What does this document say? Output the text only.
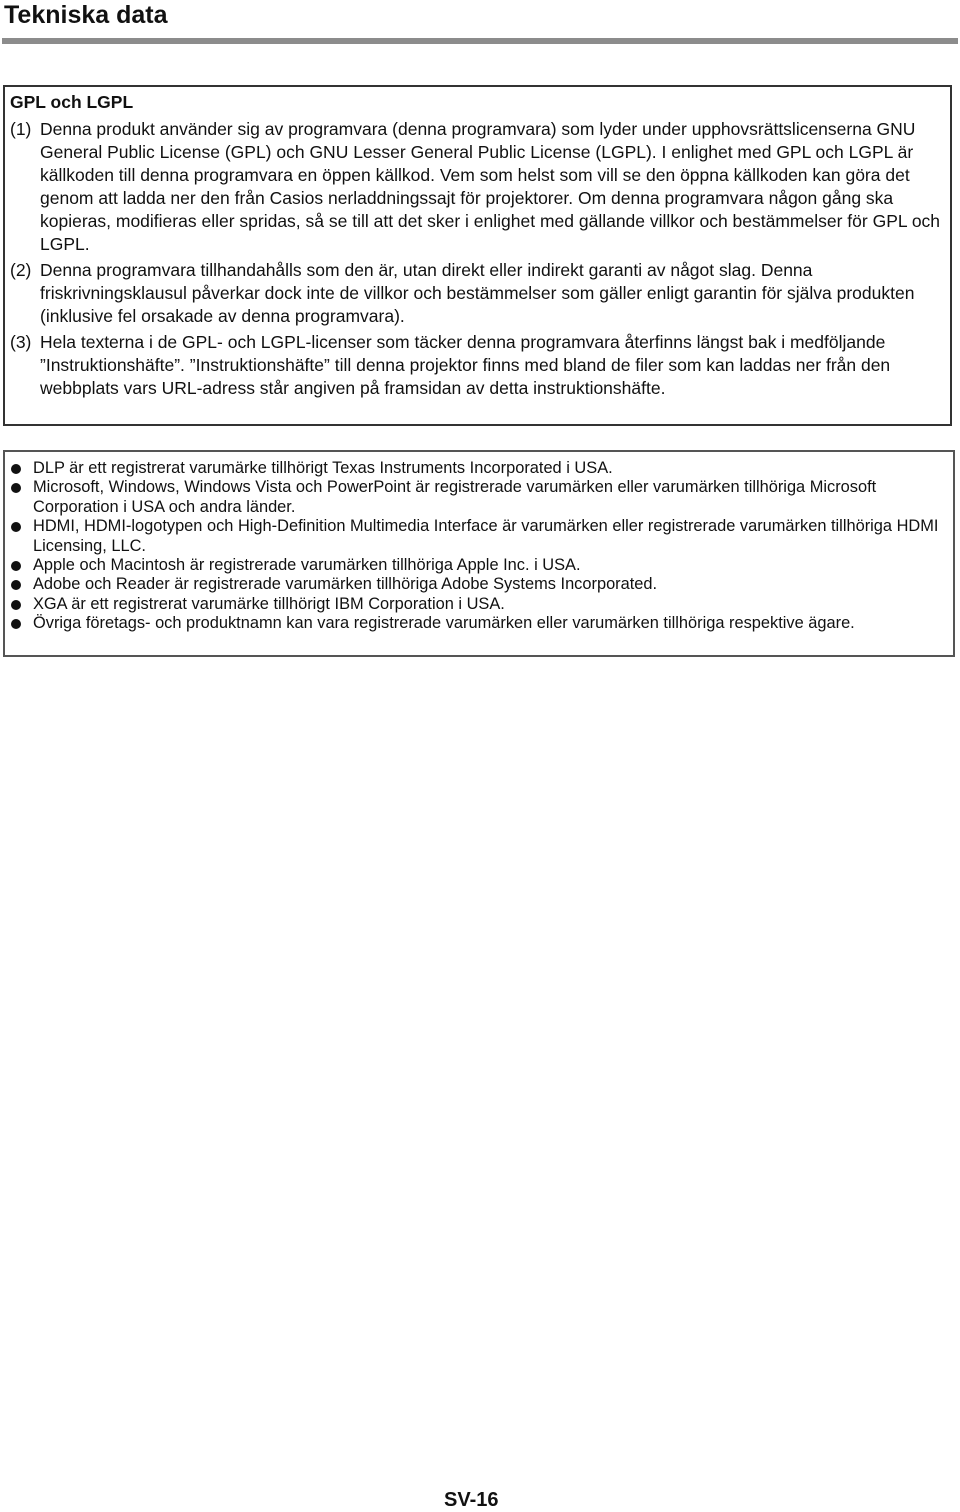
Tekniska data
GPL och LGPL
(1) Denna produkt använder sig av programvara (denna programvara) som lyder under upphovsrättslicenserna GNU General Public License (GPL) och GNU Lesser General Public License (LGPL). I enlighet med GPL och LGPL är källkoden till denna programvara en öppen källkod. Vem som helst som vill se den öppna källkoden kan göra det genom att ladda ner den från Casios nerladdningssajt för projektorer. Om denna programvara någon gång ska kopieras, modifieras eller spridas, så se till att det sker i enlighet med gällande villkor och bestämmelser för GPL och LGPL.
(2) Denna programvara tillhandahålls som den är, utan direkt eller indirekt garanti av något slag. Denna friskrivningsklausul påverkar dock inte de villkor och bestämmelser som gäller enligt garantin för själva produkten (inklusive fel orsakade av denna programvara).
(3) Hela texterna i de GPL- och LGPL-licenser som täcker denna programvara återfinns längst bak i medföljande ”Instruktionshäfte”. ”Instruktionshäfte” till denna projektor finns med bland de filer som kan laddas ner från den webbplats vars URL-adress står angiven på framsidan av detta instruktionshäfte.
DLP är ett registrerat varumärke tillhörigt Texas Instruments Incorporated i USA.
Microsoft, Windows, Windows Vista och PowerPoint är registrerade varumärken eller varumärken tillhöriga Microsoft Corporation i USA och andra länder.
HDMI, HDMI-logotypen och High-Definition Multimedia Interface är varumärken eller registrerade varumärken tillhöriga HDMI Licensing, LLC.
Apple och Macintosh är registrerade varumärken tillhöriga Apple Inc. i USA.
Adobe och Reader är registrerade varumärken tillhöriga Adobe Systems Incorporated.
XGA är ett registrerat varumärke tillhörigt IBM Corporation i USA.
Övriga företags- och produktnamn kan vara registrerade varumärken eller varumärken tillhöriga respektive ägare.
SV-16
